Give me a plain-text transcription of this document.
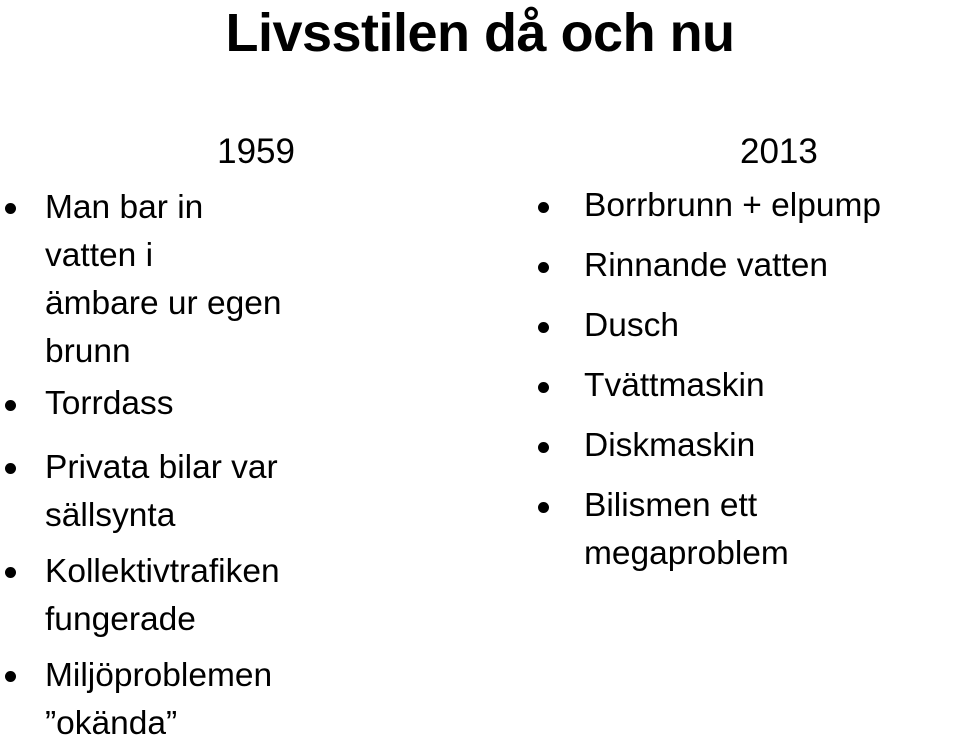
Livsstilen då och nu
1959
Man bar in vatten i
ämbare ur egen brunn
Torrdass
Privata bilar var
sällsynta
Kollektivtrafiken
fungerade
Miljöproblemen
”okända”
2013
Borrbrunn + elpump
Rinnande vatten
Dusch
Tvättmaskin
Diskmaskin
Bilismen ett
megaproblem
